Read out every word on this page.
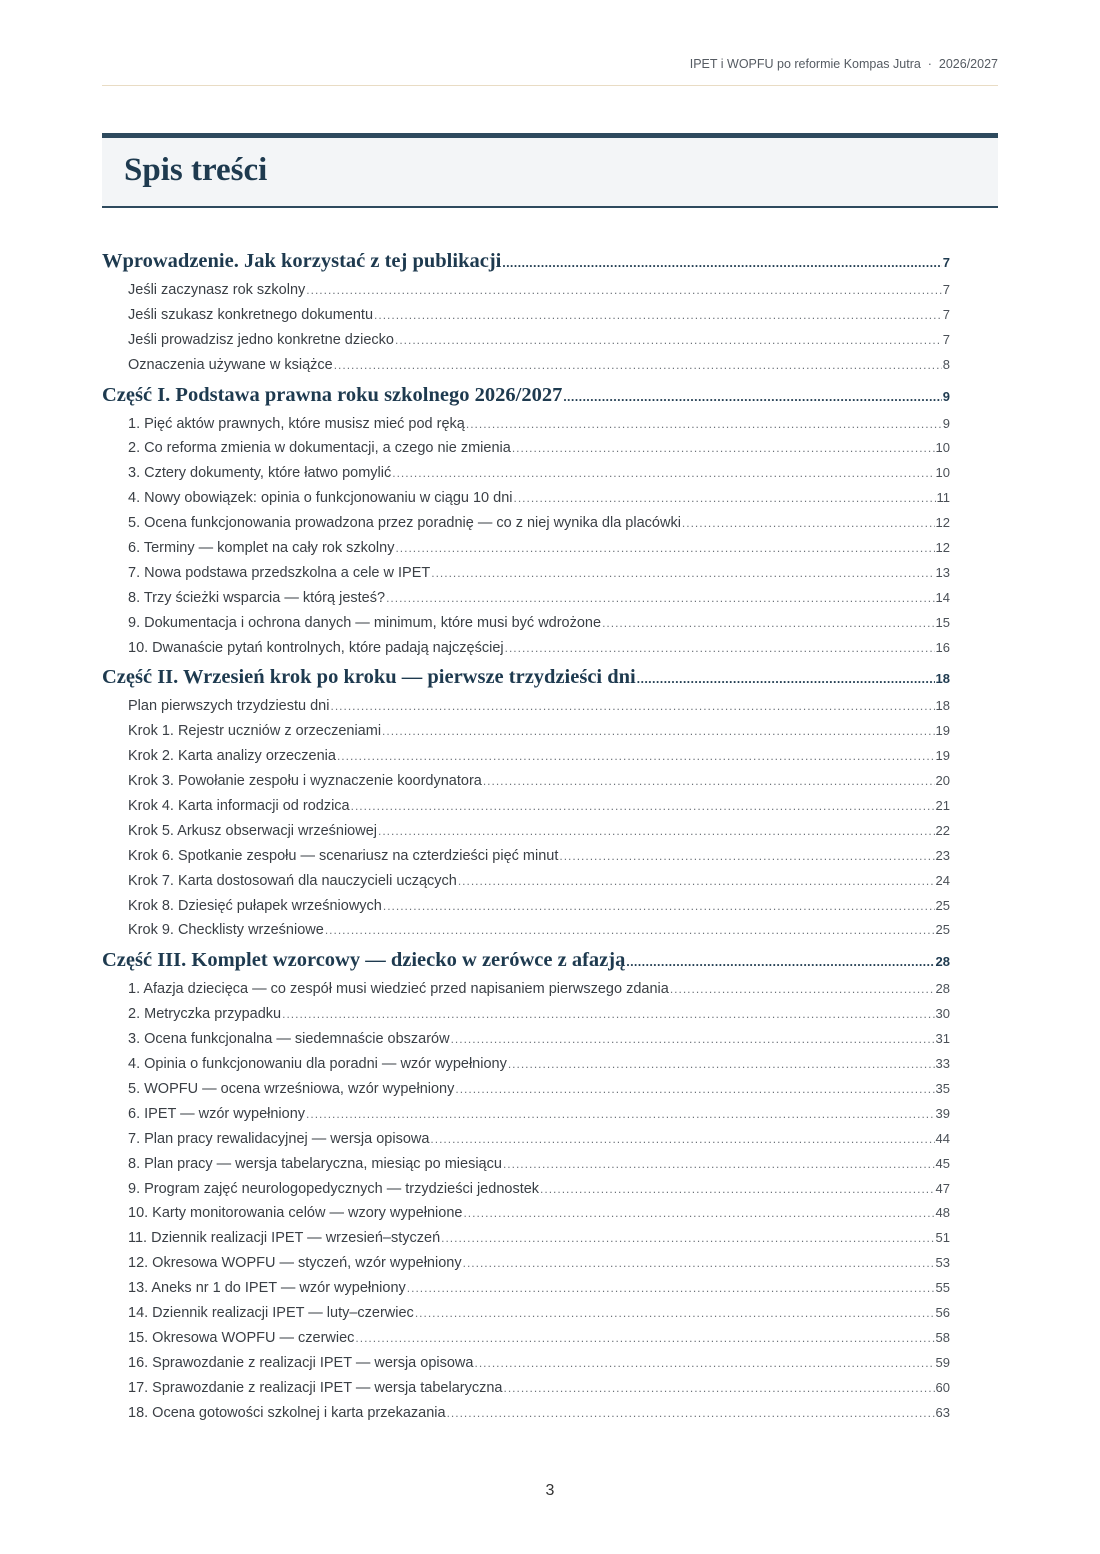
IPET i WOPFU po reformie Kompas Jutra · 2026/2027
Spis treści
Wprowadzenie. Jak korzystać z tej publikacji .....	7
Jeśli zaczynasz rok szkolny .....	7
Jeśli szukasz konkretnego dokumentu .....	7
Jeśli prowadzisz jedno konkretne dziecko .....	7
Oznaczenia używane w książce .....	8
Część I. Podstawa prawna roku szkolnego 2026/2027 .....	9
1. Pięć aktów prawnych, które musisz mieć pod ręką .....	9
2. Co reforma zmienia w dokumentacji, a czego nie zmienia .....	10
3. Cztery dokumenty, które łatwo pomylić .....	10
4. Nowy obowiązek: opinia o funkcjonowaniu w ciągu 10 dni .....	11
5. Ocena funkcjonowania prowadzona przez poradnię — co z niej wynika dla placówki .....	12
6. Terminy — komplet na cały rok szkolny .....	12
7. Nowa podstawa przedszkolna a cele w IPET .....	13
8. Trzy ścieżki wsparcia — którą jesteś? .....	14
9. Dokumentacja i ochrona danych — minimum, które musi być wdrożone .....	15
10. Dwanaście pytań kontrolnych, które padają najczęściej .....	16
Część II. Wrzesień krok po kroku — pierwsze trzydzieści dni .....	18
Plan pierwszych trzydziestu dni .....	18
Krok 1. Rejestr uczniów z orzeczeniami .....	19
Krok 2. Karta analizy orzeczenia .....	19
Krok 3. Powołanie zespołu i wyznaczenie koordynatora .....	20
Krok 4. Karta informacji od rodzica .....	21
Krok 5. Arkusz obserwacji wrześniowej .....	22
Krok 6. Spotkanie zespołu — scenariusz na czterdzieści pięć minut .....	23
Krok 7. Karta dostosowań dla nauczycieli uczących .....	24
Krok 8. Dziesięć pułapek wrześniowych .....	25
Krok 9. Checklisty wrześniowe .....	25
Część III. Komplet wzorcowy — dziecko w zerówce z afazją .....	28
1. Afazja dziecięca — co zespół musi wiedzieć przed napisaniem pierwszego zdania .....	28
2. Metryczka przypadku .....	30
3. Ocena funkcjonalna — siedemnaście obszarów .....	31
4. Opinia o funkcjonowaniu dla poradni — wzór wypełniony .....	33
5. WOPFU — ocena wrześniowa, wzór wypełniony .....	35
6. IPET — wzór wypełniony .....	39
7. Plan pracy rewalidacyjnej — wersja opisowa .....	44
8. Plan pracy — wersja tabelaryczna, miesiąc po miesiącu .....	45
9. Program zajęć neurologopedycznych — trzydzieści jednostek .....	47
10. Karty monitorowania celów — wzory wypełnione .....	48
11. Dziennik realizacji IPET — wrzesień–styczeń .....	51
12. Okresowa WOPFU — styczeń, wzór wypełniony .....	53
13. Aneks nr 1 do IPET — wzór wypełniony .....	55
14. Dziennik realizacji IPET — luty–czerwiec .....	56
15. Okresowa WOPFU — czerwiec .....	58
16. Sprawozdanie z realizacji IPET — wersja opisowa .....	59
17. Sprawozdanie z realizacji IPET — wersja tabelaryczna .....	60
18. Ocena gotowości szkolnej i karta przekazania .....	63
3
